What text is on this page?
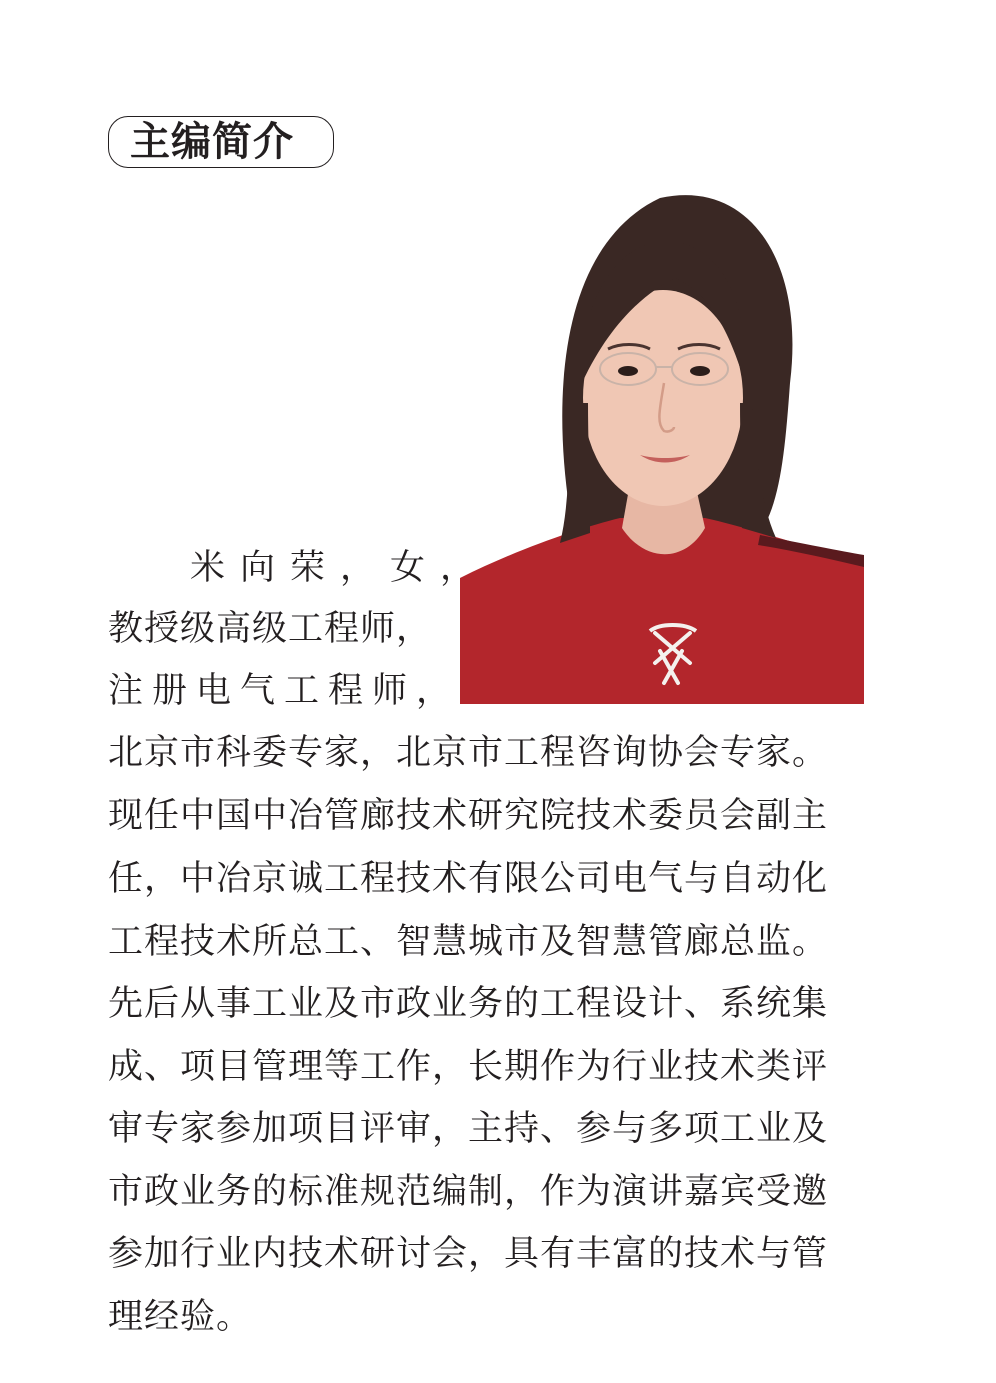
主编简介
米向荣，女，
教授级高级工程师，
注册电气工程师，
北京市科委专家，北京市工程咨询协会专家。
现任中国中冶管廊技术研究院技术委员会副主
任，中冶京诚工程技术有限公司电气与自动化
工程技术所总工、智慧城市及智慧管廊总监。
先后从事工业及市政业务的工程设计、系统集
成、项目管理等工作，长期作为行业技术类评
审专家参加项目评审，主持、参与多项工业及
市政业务的标准规范编制，作为演讲嘉宾受邀
参加行业内技术研讨会，具有丰富的技术与管
理经验。
